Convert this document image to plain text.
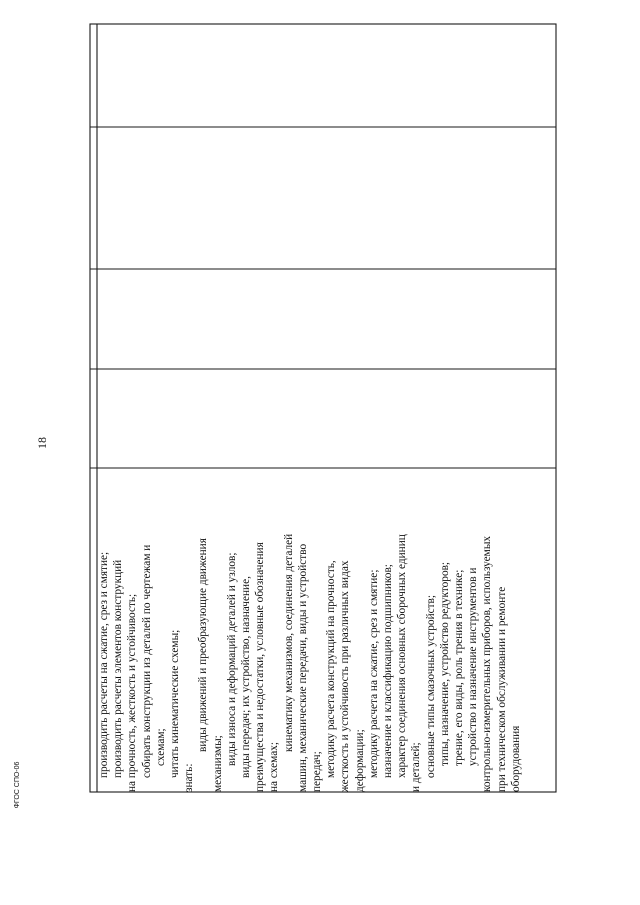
производить расчеты на сжатие, срез и смятие; производить расчеты элементов конструкций на прочность, жесткость и устойчивость; собирать конструкции из деталей по чертежам и схемам; читать кинематические схемы; знать:
виды движений и преобразующие движения
механизмы; виды износа и деформаций деталей и узлов; виды передач; их устройство, назначение, преимущества и недостатки, условные обозначения на схемах;
кинематику механизмов, соединения деталей машин, механические передачи, виды и устройство передач; методику расчета конструкций на прочность, жесткость и устойчивость при различных видах деформации; методику расчета на сжатие, срез и смятие; назначение и классификацию подшипников; характер соединения основных сборочных единиц и деталей; основные типы смазочных устройств; типы, назначение, устройство редукторов; трение, его виды, роль трения в технике; устройство и назначение инструментов и контрольно-измерительных приборов, используемых при техническом обслуживании и ремонте оборудования
18
ФГОС СПО-06
